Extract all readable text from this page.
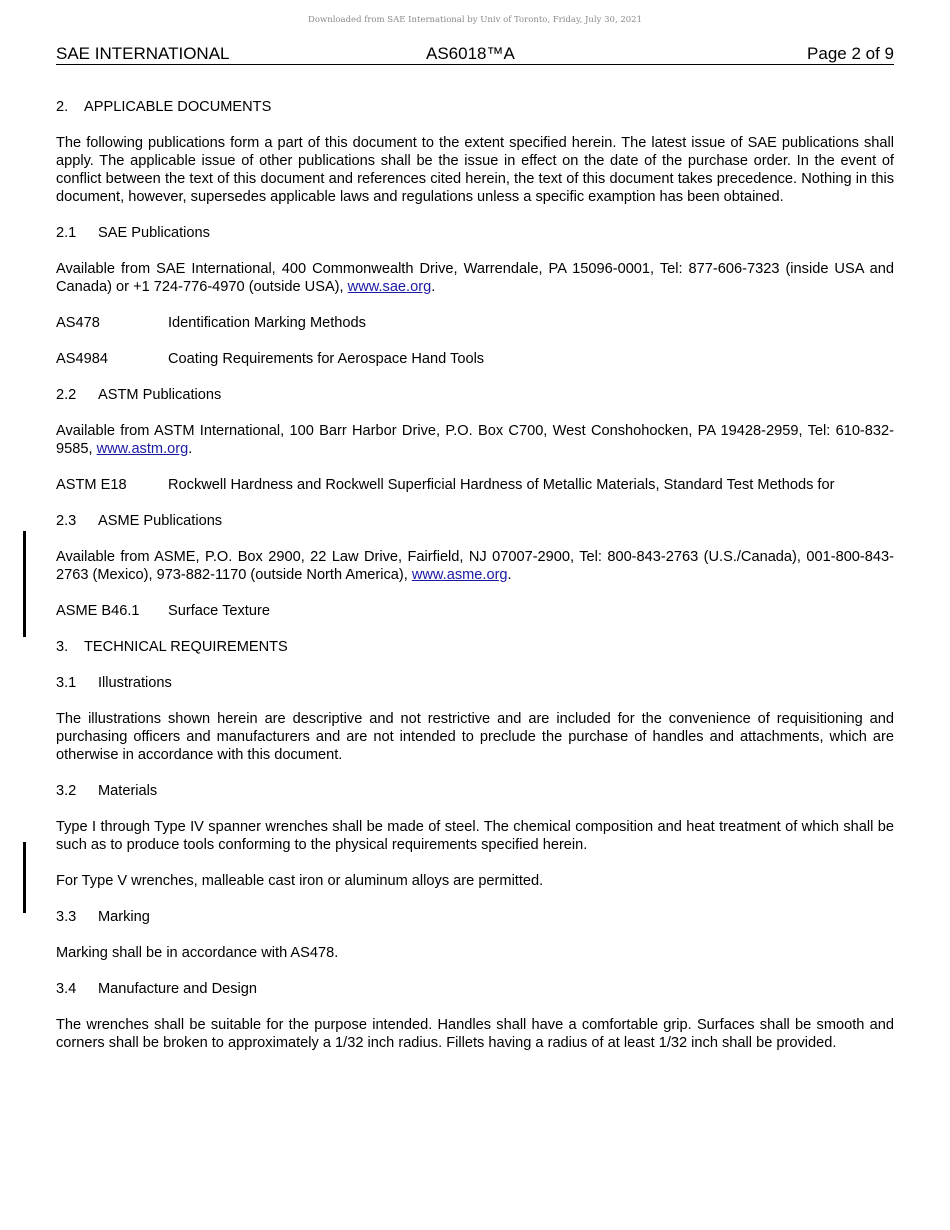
Downloaded from SAE International by Univ of Toronto, Friday, July 30, 2021
SAE INTERNATIONAL	AS6018™A	Page 2 of 9
2.	APPLICABLE DOCUMENTS

The following publications form a part of this document to the extent specified herein. The latest issue of SAE publications shall apply. The applicable issue of other publications shall be the issue in effect on the date of the purchase order. In the event of conflict between the text of this document and references cited herein, the text of this document takes precedence. Nothing in this document, however, supersedes applicable laws and regulations unless a specific examption has been obtained.

2.1	SAE Publications

Available from SAE International, 400 Commonwealth Drive, Warrendale, PA 15096-0001, Tel: 877-606-7323 (inside USA and Canada) or +1 724-776-4970 (outside USA), www.sae.org.

AS478	Identification Marking Methods
AS4984	Coating Requirements for Aerospace Hand Tools
2.2	ASTM Publications

Available from ASTM International, 100 Barr Harbor Drive, P.O. Box C700, West Conshohocken, PA 19428-2959, Tel: 610-832-9585, www.astm.org.

ASTM E18	Rockwell Hardness and Rockwell Superficial Hardness of Metallic Materials, Standard Test Methods for
2.3	ASME Publications

Available from ASME, P.O. Box 2900, 22 Law Drive, Fairfield, NJ 07007-2900, Tel: 800-843-2763 (U.S./Canada), 001-800-843-2763 (Mexico), 973-882-1170 (outside North America), www.asme.org.

ASME B46.1	Surface Texture
3.	TECHNICAL REQUIREMENTS
3.1	Illustrations

The illustrations shown herein are descriptive and not restrictive and are included for the convenience of requisitioning and purchasing officers and manufacturers and are not intended to preclude the purchase of handles and attachments, which are otherwise in accordance with this document.

3.2	Materials

Type I through Type IV spanner wrenches shall be made of steel. The chemical composition and heat treatment of which shall be such as to produce tools conforming to the physical requirements specified herein.

For Type V wrenches, malleable cast iron or aluminum alloys are permitted.

3.3	Marking

Marking shall be in accordance with AS478.

3.4	Manufacture and Design

The wrenches shall be suitable for the purpose intended. Handles shall have a comfortable grip. Surfaces shall be smooth and corners shall be broken to approximately a 1/32 inch radius. Fillets having a radius of at least 1/32 inch shall be provided.
